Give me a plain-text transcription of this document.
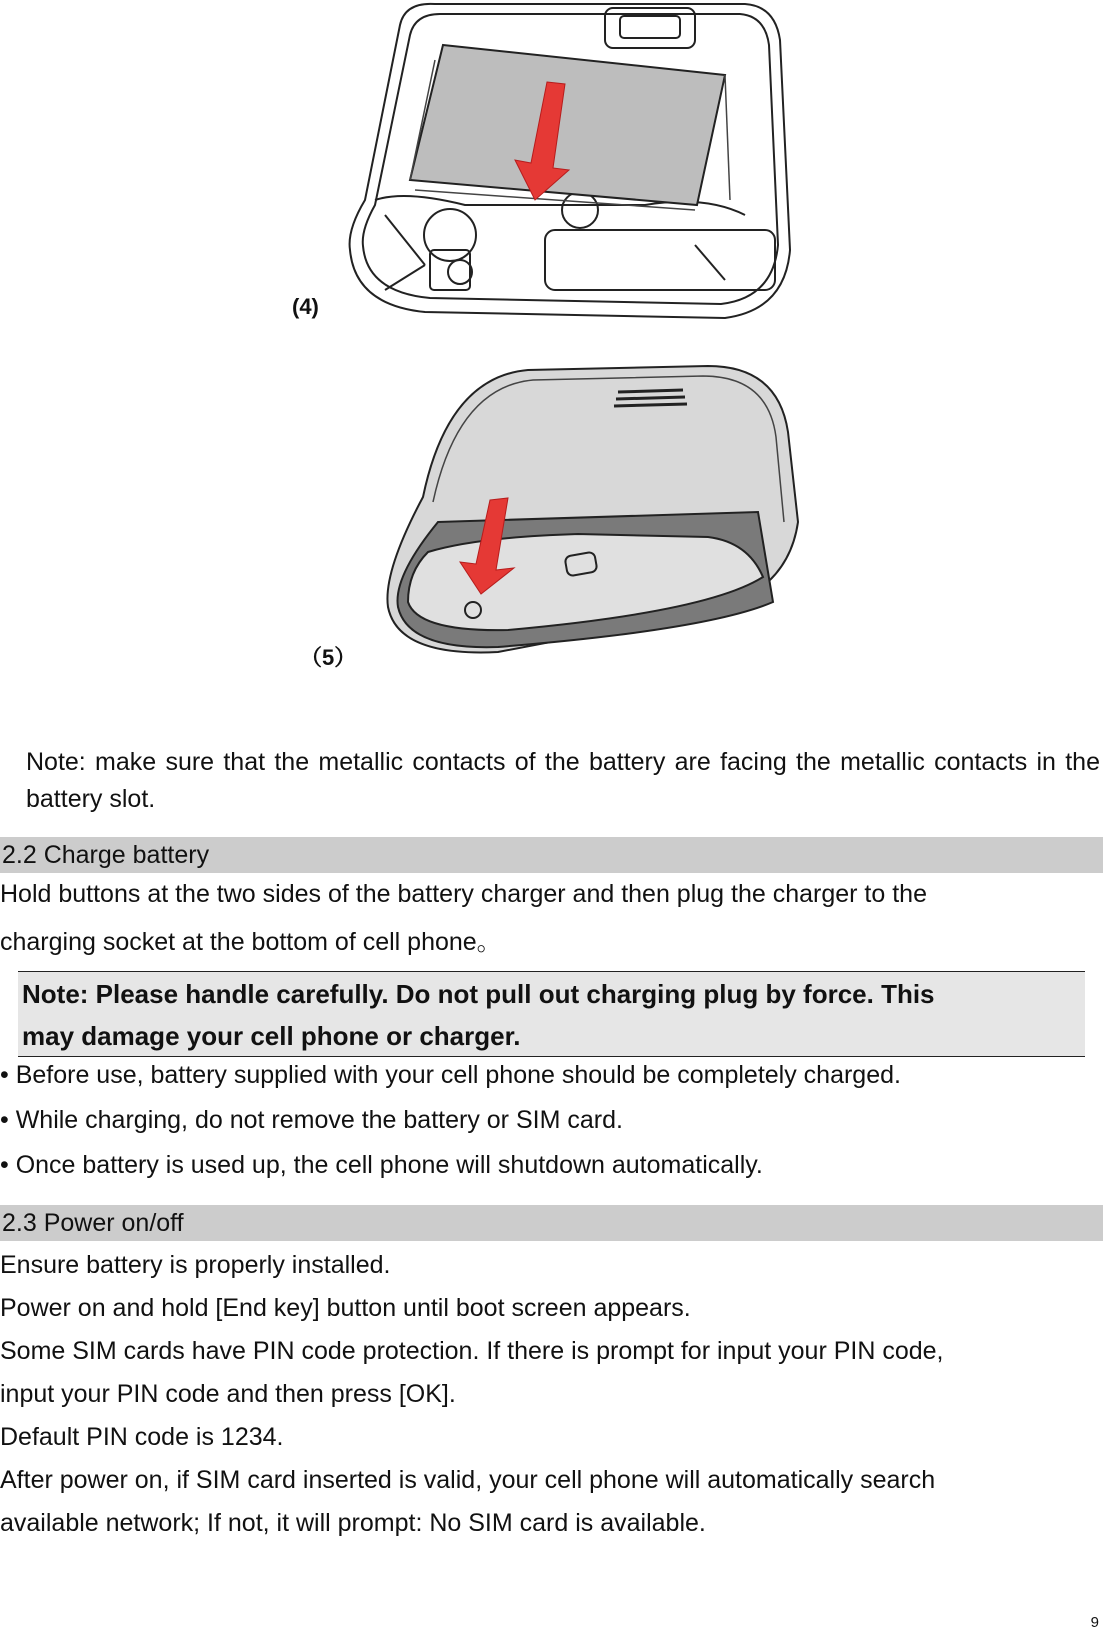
(4)
（5）
Note: make sure that the metallic contacts of the battery are facing the metallic contacts in the battery slot.
2.2 Charge battery
Hold buttons at the two sides of the battery charger and then plug the charger to the
charging socket at the bottom of cell phone。
Note: Please handle carefully. Do not pull out charging plug by force. This
may damage your cell phone or charger.
• Before use, battery supplied with your cell phone should be completely charged.
• While charging, do not remove the battery or SIM card.
• Once battery is used up, the cell phone will shutdown automatically.
2.3 Power on/off
Ensure battery is properly installed.
Power on and hold [End key] button until boot screen appears.
Some SIM cards have PIN code protection. If there is prompt for input your PIN code,
input your PIN code and then press [OK].
Default PIN code is 1234.
After power on, if SIM card inserted is valid, your cell phone will automatically search
available network; If not, it will prompt: No SIM card is available.
9
